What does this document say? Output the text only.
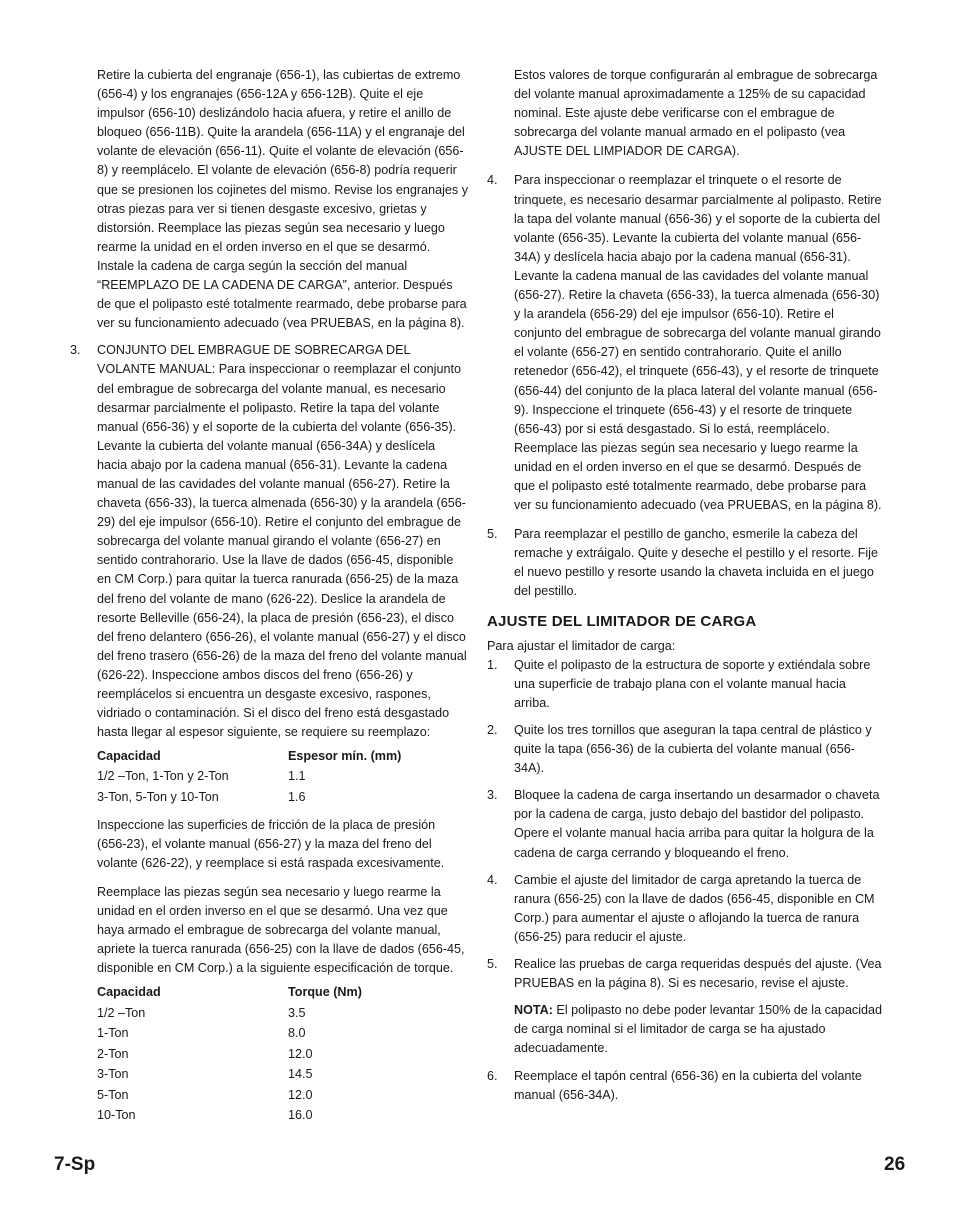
Retire la cubierta del engranaje (656-1), las cubiertas de extremo (656-4) y los engranajes (656-12A y 656-12B). Quite el eje impulsor (656-10) deslizándolo hacia afuera, y retire el anillo de bloqueo (656-11B). Quite la arandela (656-11A) y el engranaje del volante de elevación (656-11). Quite el volante de elevación (656-8) y reemplácelo. El volante de elevación (656-8) podría requerir que se presionen los cojinetes del mismo. Revise los engranajes y otras piezas para ver si tienen desgaste excesivo, grietas y distorsión. Reemplace las piezas según sea necesario y luego rearme la unidad en el orden inverso en el que se desarmó. Instale la cadena de carga según la sección del manual “REEMPLAZO DE LA CADENA DE CARGA”, anterior. Después de que el polipasto esté totalmente rearmado, debe probarse para ver su funcionamiento adecuado (vea PRUEBAS, en la página 8).

3. CONJUNTO DEL EMBRAGUE DE SOBRECARGA DEL VOLANTE MANUAL: Para inspeccionar o reemplazar el conjunto del embrague de sobrecarga del volante manual, es necesario desarmar parcialmente el polipasto. Retire la tapa del volante manual (656-36) y el soporte de la cubierta del volante (656-35). Levante la cubierta del volante manual (656-34A) y deslícela hacia abajo por la cadena manual (656-31). Levante la cadena manual de las cavidades del volante manual (656-27). Retire la chaveta (656-33), la tuerca almenada (656-30) y la arandela (656-29) del eje impulsor (656-10). Retire el conjunto del embrague de sobrecarga del volante manual girando el volante (656-27) en sentido contrahorario. Use la llave de dados (656-45, disponible en CM Corp.) para quitar la tuerca ranurada (656-25) de la maza del freno del volante de mano (626-22). Deslice la arandela de resorte Belleville (656-24), la placa de presión (656-23), el disco del freno delantero (656-26), el volante manual (656-27) y el disco del freno trasero (656-26) de la maza del freno del volante manual (626-22). Inspeccione ambos discos del freno (656-26) y reemplácelos si encuentra un desgaste excesivo, raspones, vidriado o contaminación. Si el disco del freno está desgastado hasta llegar al espesor siguiente, se requiere su reemplazo:

Capacidad	Espesor mín. (mm)
1/2 –Ton, 1-Ton y 2-Ton	1.1
3-Ton, 5-Ton y 10-Ton	1.6

Inspeccione las superficies de fricción de la placa de presión (656-23), el volante manual (656-27) y la maza del freno del volante (626-22), y reemplace si está raspada excesivamente.

Reemplace las piezas según sea necesario y luego rearme la unidad en el orden inverso en el que se desarmó. Una vez que haya armado el embrague de sobrecarga del volante manual, apriete la tuerca ranurada (656-25) con la llave de dados (656-45, disponible en CM Corp.) a la siguiente especificación de torque.

Capacidad	Torque (Nm)
1/2 –Ton	3.5
1-Ton	8.0
2-Ton	12.0
3-Ton	14.5
5-Ton	12.0
10-Ton	16.0

Estos valores de torque configurarán al embrague de sobrecarga del volante manual aproximadamente a 125% de su capacidad nominal. Este ajuste debe verificarse con el embrague de sobrecarga del volante manual armado en el polipasto (vea AJUSTE DEL LIMPIADOR DE CARGA).

4. Para inspeccionar o reemplazar el trinquete o el resorte de trinquete, es necesario desarmar parcialmente al polipasto. Retire la tapa del volante manual (656-36) y el soporte de la cubierta del volante (656-35). Levante la cubierta del volante manual (656-34A) y deslícela hacia abajo por la cadena manual (656-31). Levante la cadena manual de las cavidades del volante manual (656-27). Retire la chaveta (656-33), la tuerca almenada (656-30) y la arandela (656-29) del eje impulsor (656-10). Retire el conjunto del embrague de sobrecarga del volante manual girando el volante (656-27) en sentido contrahorario. Quite el anillo retenedor (656-42), el trinquete (656-43), y el resorte de trinquete (656-44) del conjunto de la placa lateral del volante manual (656-9). Inspeccione el trinquete (656-43) y el resorte de trinquete (656-43) por si está desgastado. Si lo está, reemplácelo. Reemplace las piezas según sea necesario y luego rearme la unidad en el orden inverso en el que se desarmó. Después de que el polipasto esté totalmente rearmado, debe probarse para ver su funcionamiento adecuado (vea PRUEBAS, en la página 8).

5. Para reemplazar el pestillo de gancho, esmerile la cabeza del remache y extráigalo. Quite y deseche el pestillo y el resorte. Fije el nuevo pestillo y resorte usando la chaveta incluida en el juego del pestillo.

AJUSTE DEL LIMITADOR DE CARGA

Para ajustar el limitador de carga:

1. Quite el polipasto de la estructura de soporte y extiéndala sobre una superficie de trabajo plana con el volante manual hacia arriba.

2. Quite los tres tornillos que aseguran la tapa central de plástico y quite la tapa (656-36) de la cubierta del volante manual (656-34A).

3. Bloquee la cadena de carga insertando un desarmador o chaveta por la cadena de carga, justo debajo del bastidor del polipasto. Opere el volante manual hacia arriba para quitar la holgura de la cadena de carga cerrando y bloqueando el freno.

4. Cambie el ajuste del limitador de carga apretando la tuerca de ranura (656-25) con la llave de dados (656-45, disponible en CM Corp.) para aumentar el ajuste o aflojando la tuerca de ranura (656-25) para reducir el ajuste.

5. Realice las pruebas de carga requeridas después del ajuste. (Vea PRUEBAS en la página 8). Si es necesario, revise el ajuste.

NOTA: El polipasto no debe poder levantar 150% de la capacidad de carga nominal si el limitador de carga se ha ajustado adecuadamente.

6. Reemplace el tapón central (656-36) en la cubierta del volante manual (656-34A).

7-Sp	26
